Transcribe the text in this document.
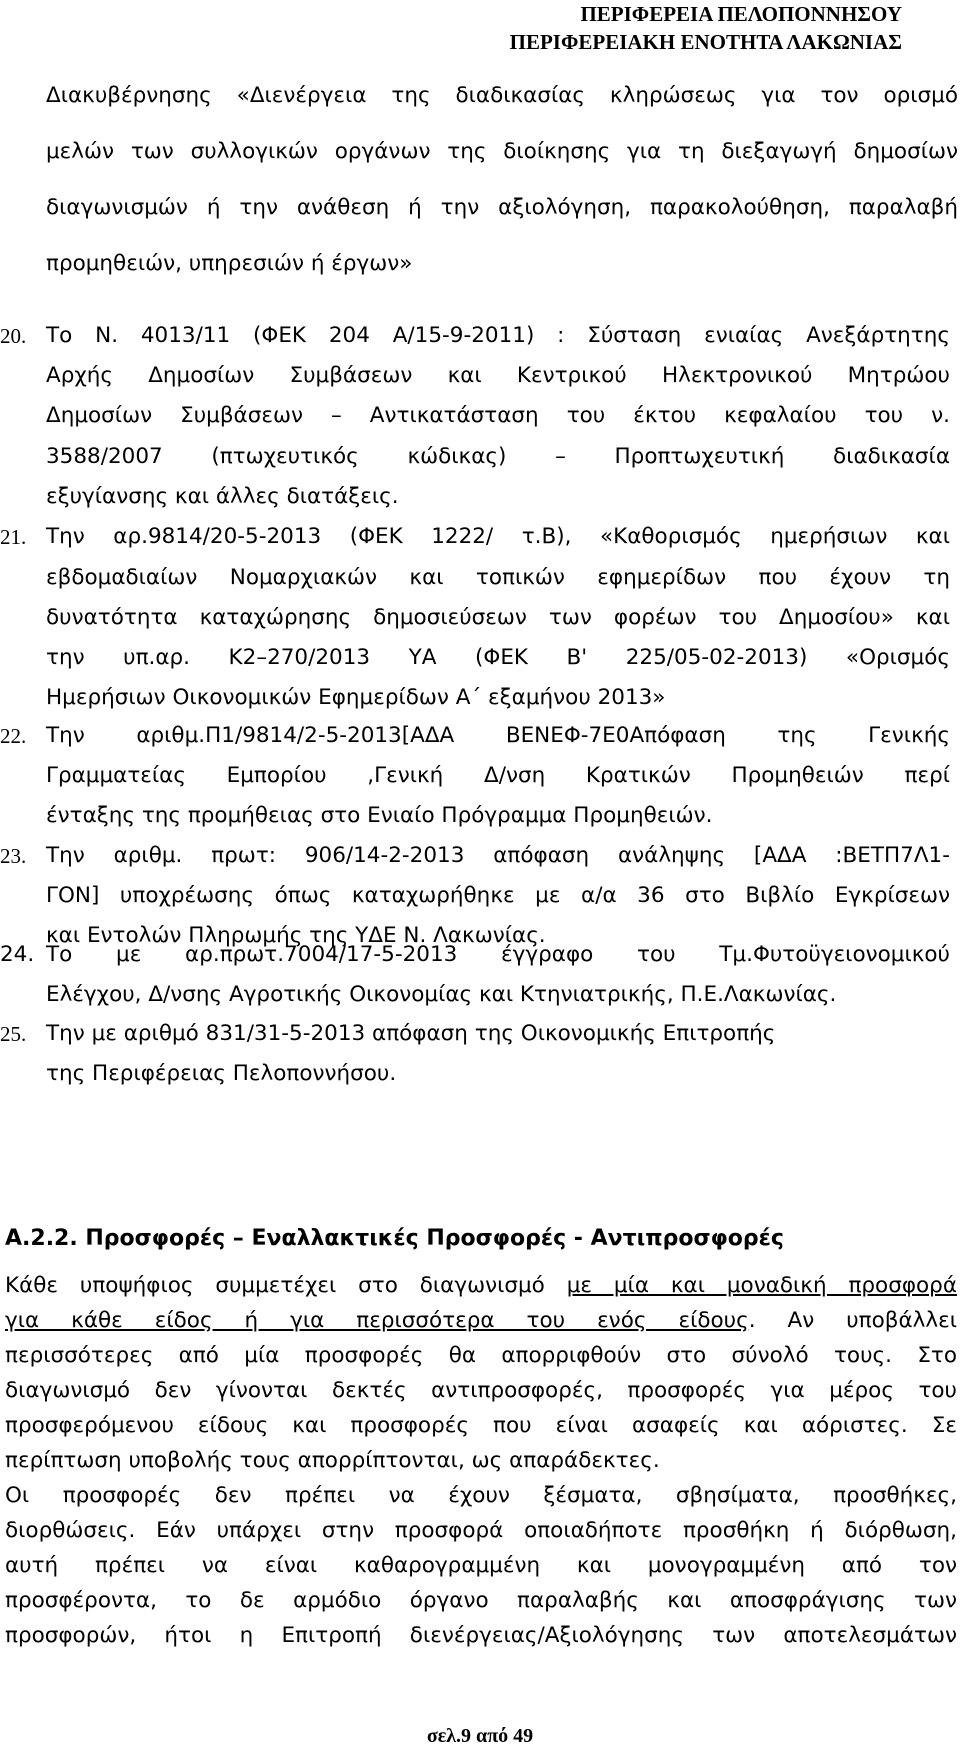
ΠΕΡΙΦΕΡΕΙΑ ΠΕΛΟΠΟΝΝΗΣΟΥ
ΠΕΡΙΦΕΡΕΙΑΚΗ ΕΝΟΤΗΤΑ ΛΑΚΩΝΙΑΣ
Διακυβέρνησης «Διενέργεια της διαδικασίας κληρώσεως για τον ορισμό
μελών των συλλογικών οργάνων της διοίκησης για τη διεξαγωγή δημοσίων
διαγωνισμών ή την ανάθεση ή την αξιολόγηση, παρακολούθηση, παραλαβή
προμηθειών, υπηρεσιών ή έργων»
20. Το Ν. 4013/11 (ΦΕΚ 204 Α/15-9-2011) : Σύσταση ενιαίας Ανεξάρτητης
Αρχής Δημοσίων Συμβάσεων και Κεντρικού Ηλεκτρονικού Μητρώου
Δημοσίων Συμβάσεων – Αντικατάσταση του έκτου κεφαλαίου του ν.
3588/2007 (πτωχευτικός κώδικας) – Προπτωχευτική διαδικασία
εξυγίανσης και άλλες διατάξεις.
21. Την αρ.9814/20-5-2013 (ΦΕΚ 1222/ τ.Β), «Καθορισμός ημερήσιων και
εβδομαδιαίων Νομαρχιακών και τοπικών εφημερίδων που έχουν τη
δυνατότητα καταχώρησης δημοσιεύσεων των φορέων του Δημοσίου» και
την υπ.αρ. Κ2–270/2013 ΥΑ (ΦΕΚ Β' 225/05-02-2013) «Ορισμός
Ημερήσιων Οικονομικών Εφημερίδων Α΄ εξαμήνου 2013»
22. Την αριθμ.Π1/9814/2-5-2013[ΑΔΑ ΒΕΝΕΦ-7Ε0Απόφαση της Γενικής
Γραμματείας Εμπορίου ,Γενική Δ/νση Κρατικών Προμηθειών περί
ένταξης της προμήθειας στο Ενιαίο Πρόγραμμα Προμηθειών.
23. Την αριθμ. πρωτ: 906/14-2-2013 απόφαση ανάληψης [ΑΔΑ :ΒΕΤΠ7Λ1-
ΓΟΝ] υποχρέωσης όπως καταχωρήθηκε με α/α 36 στο Βιβλίο Εγκρίσεων
και Εντολών Πληρωμής της ΥΔΕ Ν. Λακωνίας.
24. Το με αρ.πρωτ.7004/17-5-2013 έγγραφο του Τμ.Φυτοϋγειονομικού
Ελέγχου, Δ/νσης Αγροτικής Οικονομίας και Κτηνιατρικής, Π.Ε.Λακωνίας.
25. Την με αριθμό 831/31-5-2013 απόφαση της Οικονομικής Επιτροπής
της Περιφέρειας Πελοποννήσου.
Α.2.2. Προσφορές – Εναλλακτικές Προσφορές - Αντιπροσφορές
Κάθε υποψήφιος συμμετέχει στο διαγωνισμό με μία και μοναδική προσφορά
για κάθε είδος ή για περισσότερα του ενός είδους. Αν υποβάλλει
περισσότερες από μία προσφορές θα απορριφθούν στο σύνολό τους. Στο
διαγωνισμό δεν γίνονται δεκτές αντιπροσφορές, προσφορές για μέρος του
προσφερόμενου είδους και προσφορές που είναι ασαφείς και αόριστες. Σε
περίπτωση υποβολής τους απορρίπτονται, ως απαράδεκτες.
Οι προσφορές δεν πρέπει να έχουν ξέσματα, σβησίματα, προσθήκες,
διορθώσεις. Εάν υπάρχει στην προσφορά οποιαδήποτε προσθήκη ή διόρθωση,
αυτή πρέπει να είναι καθαρογραμμένη και μονογραμμένη από τον
προσφέροντα, το δε αρμόδιο όργανο παραλαβής και αποσφράγισης των
προσφορών, ήτοι η Επιτροπή διενέργειας/Αξιολόγησης των αποτελεσμάτων
σελ.9 από 49
